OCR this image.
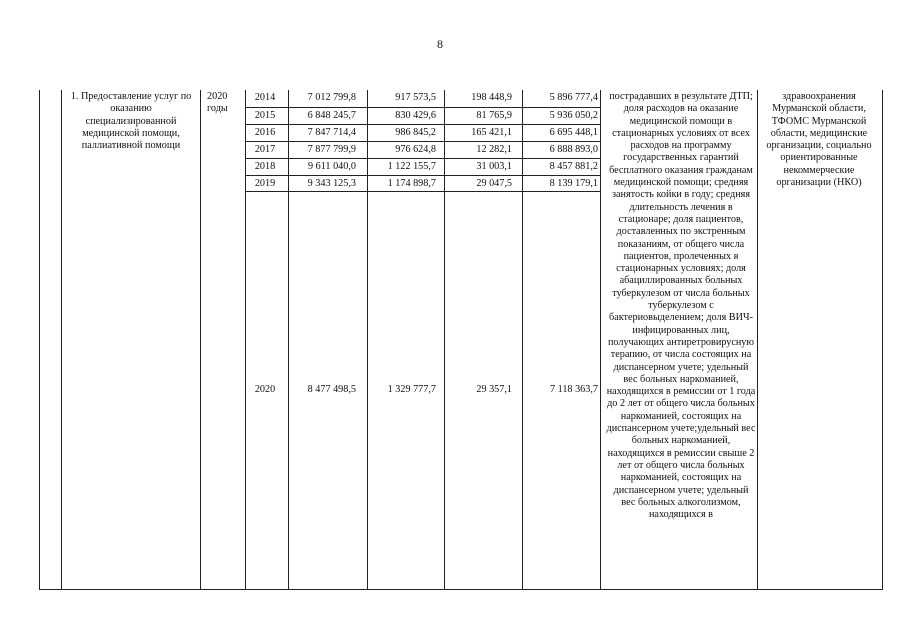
8
1. Предоставление услуг по оказанию специализированной медицинской помощи, паллиативной помощи
2020 годы
2014	7 012 799,8	917 573,5	198 448,9	5 896 777,4
2015	6 848 245,7	830 429,6	81 765,9	5 936 050,2
2016	7 847 714,4	986 845,2	165 421,1	6 695 448,1
2017	7 877 799,9	976 624,8	12 282,1	6 888 893,0
2018	9 611 040,0	1 122 155,7	31 003,1	8 457 881,2
2019	9 343 125,3	1 174 898,7	29 047,5	8 139 179,1
2020	8 477 498,5	1 329 777,7	29 357,1	7 118 363,7
пострадавших в результате ДТП; доля расходов на оказание медицинской помощи в стационарных условиях от всех расходов на программу государственных гарантий бесплатного оказания гражданам медицинской помощи; средняя занятость койки в году; средняя длительность лечения в стационаре; доля пациентов, доставленных по экстренным показаниям, от общего числа пациентов, пролеченных в стационарных условиях; доля абациллированных больных туберкулезом от числа больных туберкулезом с бактериовыделением; доля ВИЧ-инфицированных лиц, получающих антиретровирусную терапию, от числа состоящих на диспансерном учете; удельный вес больных наркоманией, находящихся в ремиссии от 1 года до 2 лет от общего числа больных наркоманией, состоящих на диспансерном учете;удельный вес больных наркоманией, находящихся в ремиссии свыше 2 лет от общего числа больных наркоманией, состоящих на диспансерном учете; удельный вес больных алкоголизмом, находящихся в
здравоохранения Мурманской области, ТФОМС Мурманской области, медицинские организации, социально ориентированные некоммерческие организации (НКО)
